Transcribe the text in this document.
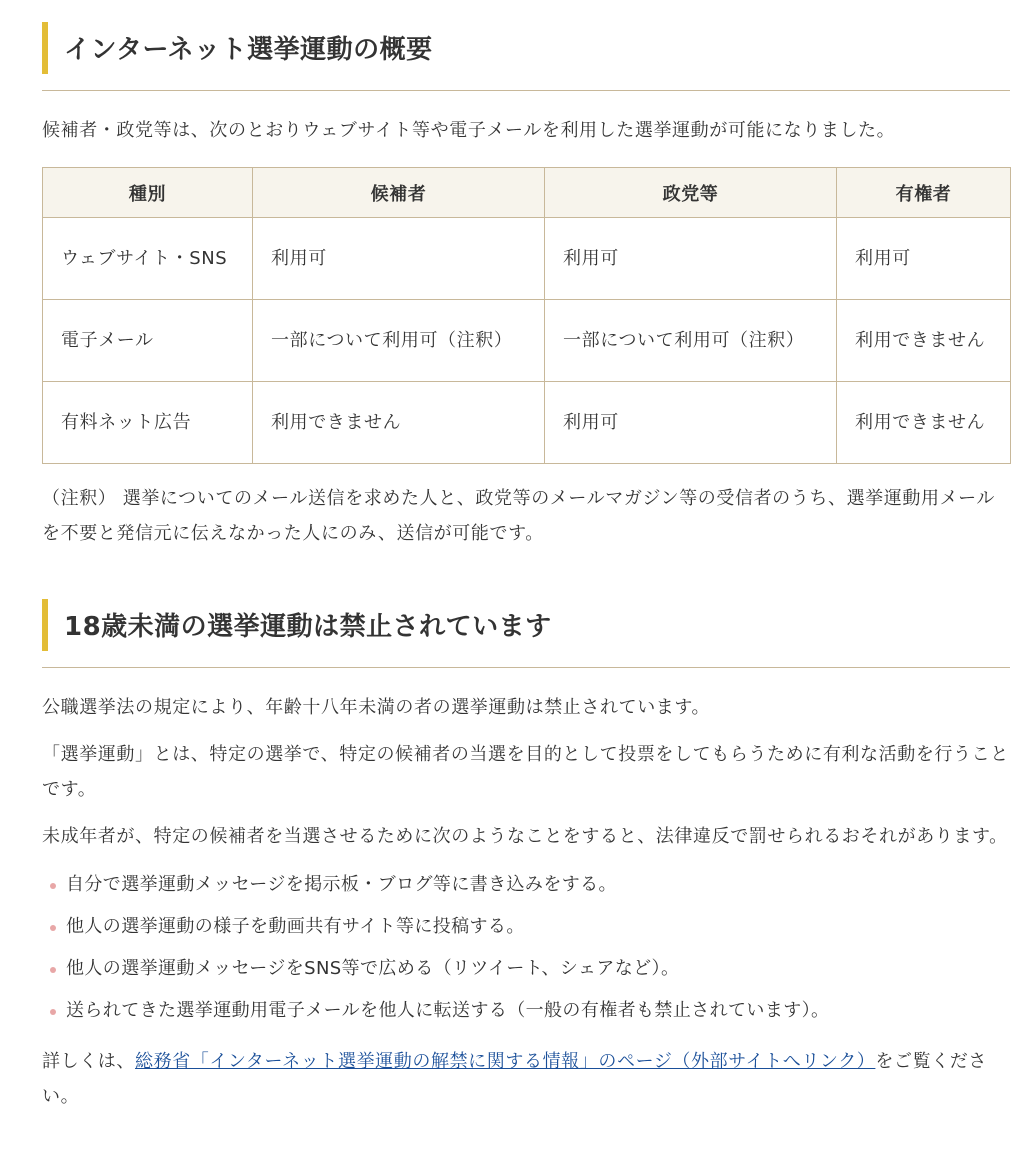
インターネット選挙運動の概要

候補者・政党等は、次のとおりウェブサイト等や電子メールを利用した選挙運動が可能になりました。

種別	候補者	政党等	有権者
ウェブサイト・SNS	利用可	利用可	利用可
電子メール	一部について利用可（注釈）	一部について利用可（注釈）	利用できません
有料ネット広告	利用できません	利用可	利用できません

（注釈） 選挙についてのメール送信を求めた人と、政党等のメールマガジン等の受信者のうち、選挙運動用メールを不要と発信元に伝えなかった人にのみ、送信が可能です。

18歳未満の選挙運動は禁止されています

公職選挙法の規定により、年齢十八年未満の者の選挙運動は禁止されています。

「選挙運動」とは、特定の選挙で、特定の候補者の当選を目的として投票をしてもらうために有利な活動を行うことです。

未成年者が、特定の候補者を当選させるために次のようなことをすると、法律違反で罰せられるおそれがあります。

自分で選挙運動メッセージを掲示板・ブログ等に書き込みをする。
他人の選挙運動の様子を動画共有サイト等に投稿する。
他人の選挙運動メッセージをSNS等で広める（リツイート、シェアなど）。
送られてきた選挙運動用電子メールを他人に転送する（一般の有権者も禁止されています）。

詳しくは、総務省「インターネット選挙運動の解禁に関する情報」のページ（外部サイトへリンク）をご覧ください。
